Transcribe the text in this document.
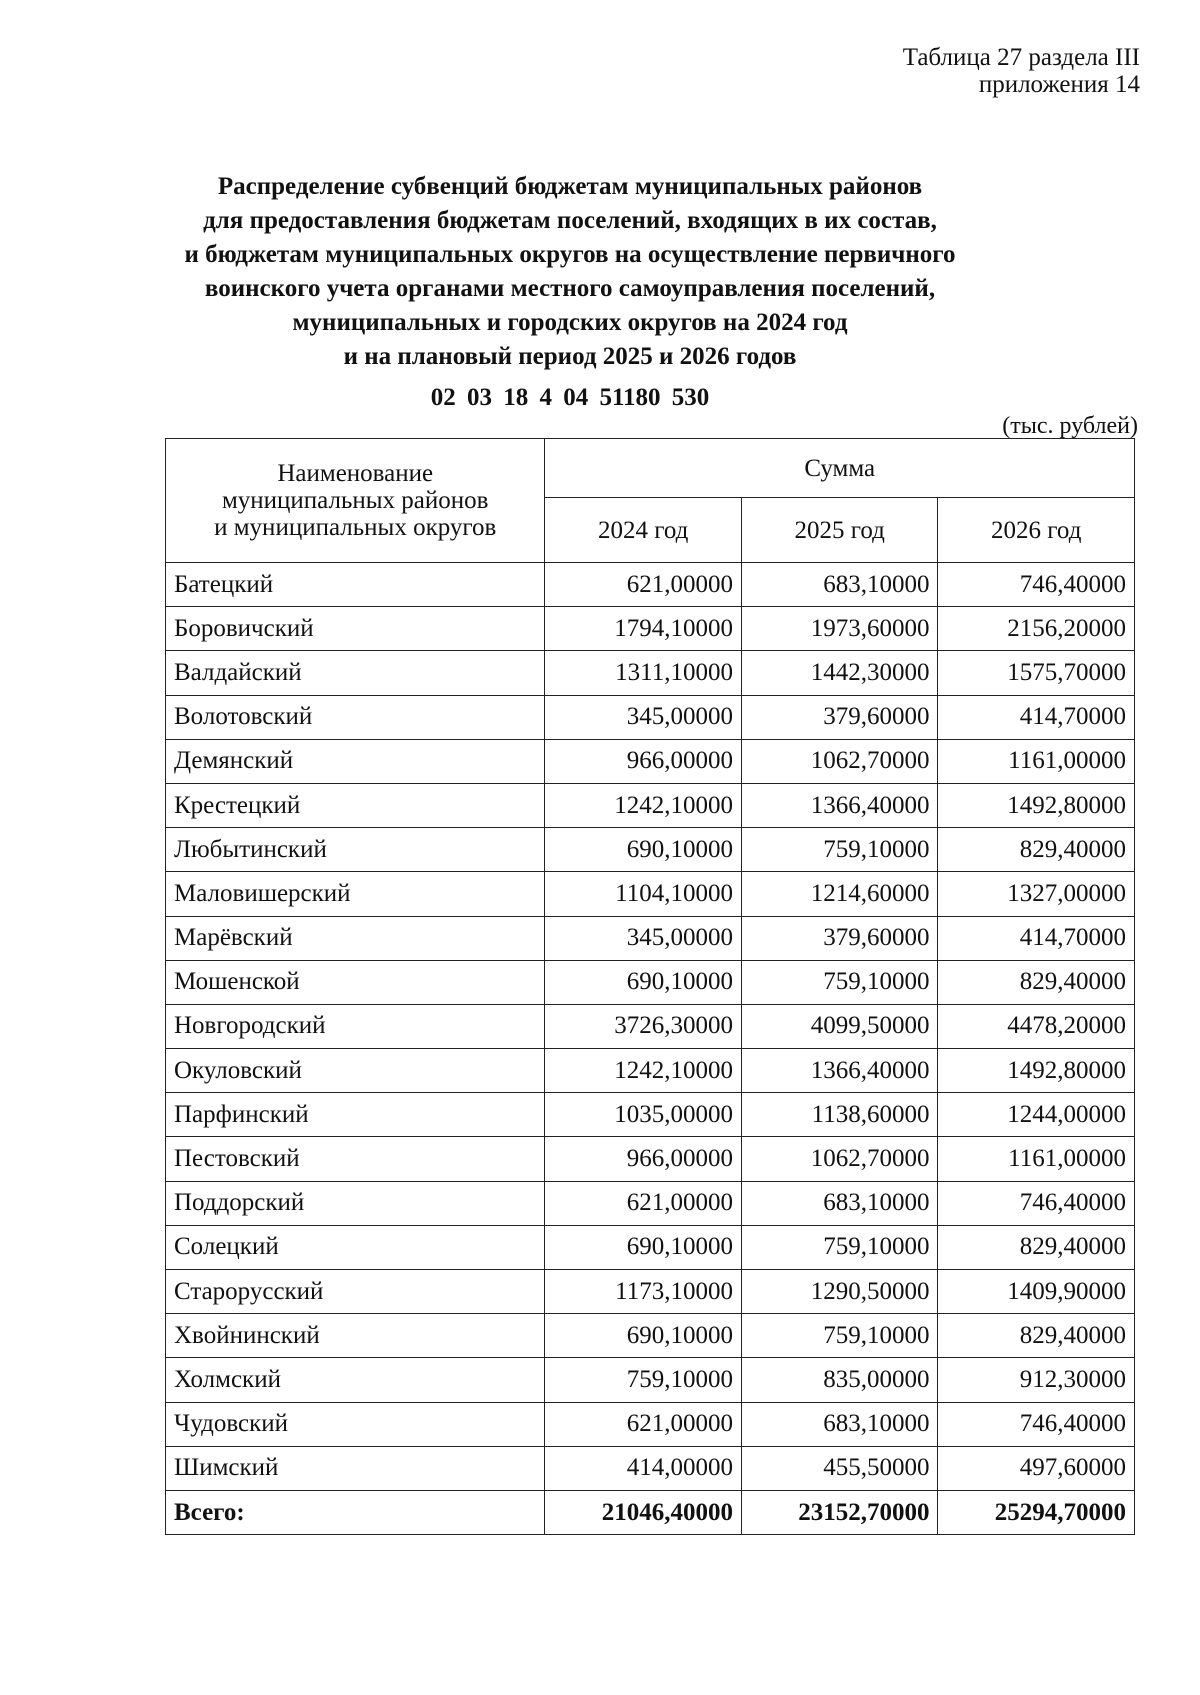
Таблица 27 раздела III
приложения 14
Распределение субвенций бюджетам муниципальных районов
для предоставления бюджетам поселений, входящих в их состав,
и бюджетам муниципальных округов на осуществление первичного
воинского учета органами местного самоуправления поселений,
муниципальных и городских округов на 2024 год
и на плановый период 2025 и 2026 годов
02 03 18 4 04 51180 530
(тыс. рублей)
Наименование
муниципальных районов
и муниципальных округов	Сумма		
	2024 год	2025 год	2026 год
Батецкий	621,00000	683,10000	746,40000
Боровичский	1794,10000	1973,60000	2156,20000
Валдайский	1311,10000	1442,30000	1575,70000
Волотовский	345,00000	379,60000	414,70000
Демянский	966,00000	1062,70000	1161,00000
Крестецкий	1242,10000	1366,40000	1492,80000
Любытинский	690,10000	759,10000	829,40000
Маловишерский	1104,10000	1214,60000	1327,00000
Марёвский	345,00000	379,60000	414,70000
Мошенской	690,10000	759,10000	829,40000
Новгородский	3726,30000	4099,50000	4478,20000
Окуловский	1242,10000	1366,40000	1492,80000
Парфинский	1035,00000	1138,60000	1244,00000
Пестовский	966,00000	1062,70000	1161,00000
Поддорский	621,00000	683,10000	746,40000
Солецкий	690,10000	759,10000	829,40000
Старорусский	1173,10000	1290,50000	1409,90000
Хвойнинский	690,10000	759,10000	829,40000
Холмский	759,10000	835,00000	912,30000
Чудовский	621,00000	683,10000	746,40000
Шимский	414,00000	455,50000	497,60000
Всего:	21046,40000	23152,70000	25294,70000
